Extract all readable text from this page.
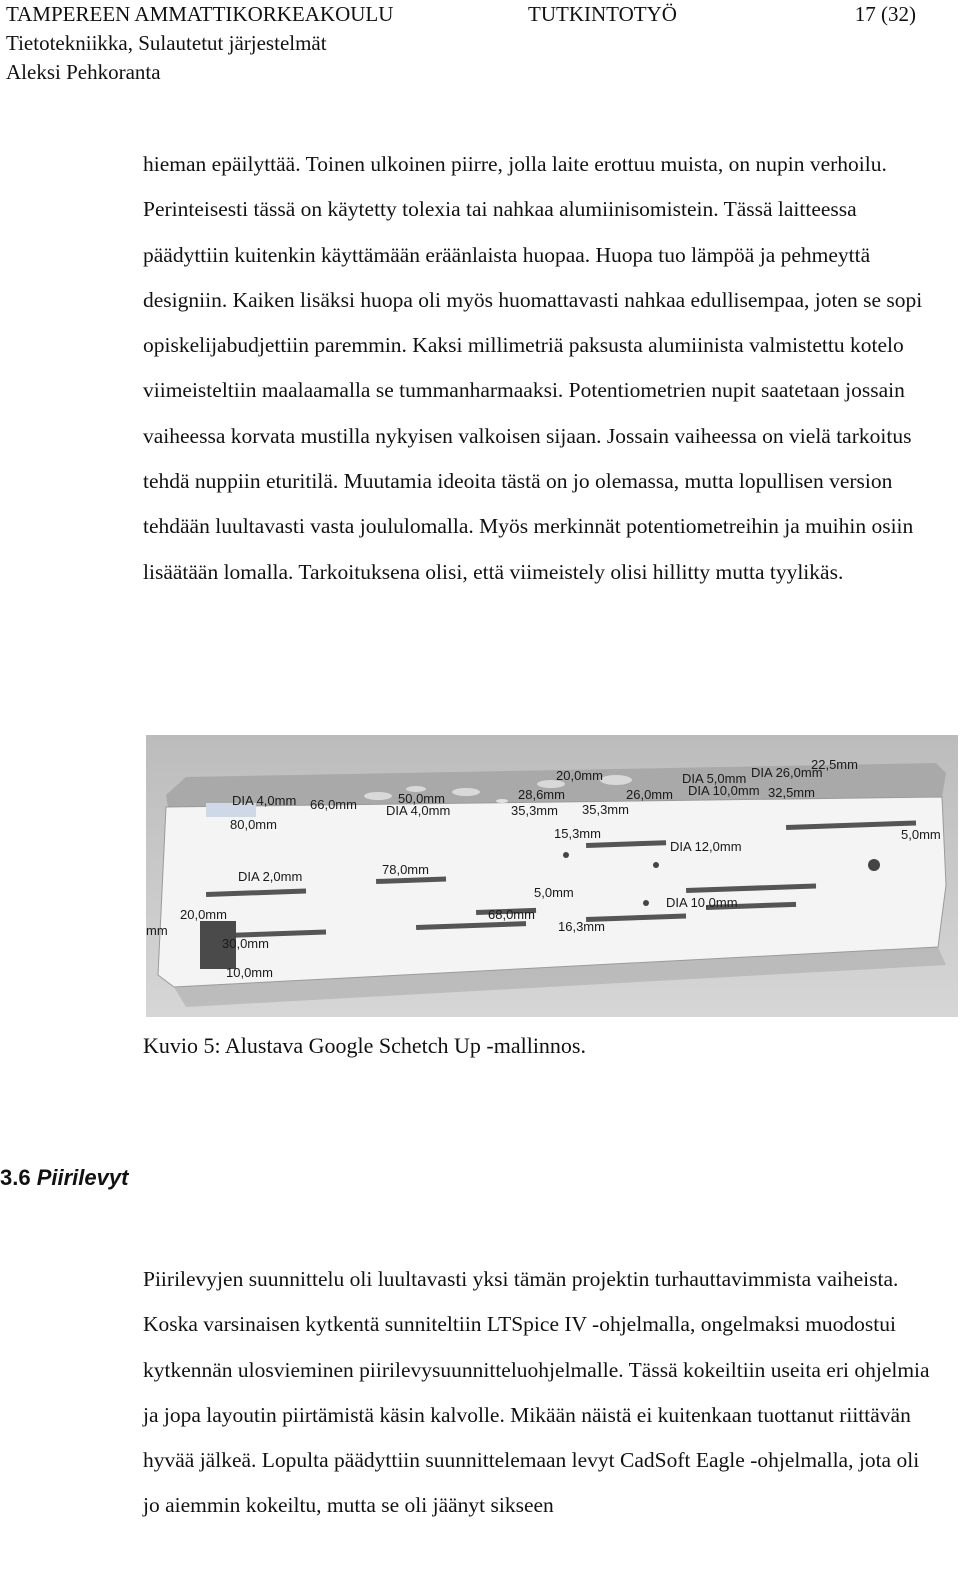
TAMPEREEN AMMATTIKORKEAKOULU	TUTKINTOTYÖ	17 (32)
Tietotekniikka, Sulautetut järjestelmät
Aleksi Pehkoranta

hieman epäilyttää. Toinen ulkoinen piirre, jolla laite erottuu muista, on nupin verhoilu. Perinteisesti tässä on käytetty tolexia tai nahkaa alumiinisomistein. Tässä laitteessa päädyttiin kuitenkin käyttämään eräänlaista huopaa. Huopa tuo lämpöä ja pehmeyttä designiin. Kaiken lisäksi huopa oli myös huomattavasti nahkaa edullisempaa, joten se sopi opiskelijabudjettiin paremmin. Kaksi millimetriä paksusta alumiinista valmistettu kotelo viimeisteltiin maalaamalla se tummanharmaaksi. Potentiometrien nupit saatetaan jossain vaiheessa korvata mustilla nykyisen valkoisen sijaan. Jossain vaiheessa on vielä tarkoitus tehdä nuppiin eturitilä. Muutamia ideoita tästä on jo olemassa, mutta lopullisen version tehdään luultavasti vasta joululomalla. Myös merkinnät potentiometreihin ja muihin osiin lisäätään lomalla. Tarkoituksena olisi, että viimeistely olisi hillitty mutta tyylikäs.

DIA 4,0mm 66,0mm
80,0mm
50,0mm
DIA 4,0mm
20,0mm
28,6mm	26,0mm
DIA 5,0mm DIA 26,0mm
22,5mm
DIA 10,0mm 32,5mm
35,3mm 35,3mm
15,3mm
DIA 12,0mm
5,0mm
DIA 2,0mm	78,0mm
5,0mm
68,0mm
DIA 10,0mm
16,3mm
20,0mm
30,0mm
10,0mm
mm
Kuvio 5: Alustava Google Schetch Up -mallinnos.
3.6 Piirilevyt

Piirilevyjen suunnittelu oli luultavasti yksi tämän projektin turhauttavimmista vaiheista. Koska varsinaisen kytkentä sunniteltiin LTSpice IV -ohjelmalla, ongelmaksi muodostui kytkennän ulosvieminen piirilevysuunnitteluohjelmalle. Tässä kokeiltiin useita eri ohjelmia ja jopa layoutin piirtämistä käsin kalvolle. Mikään näistä ei kuitenkaan tuottanut riittävän hyvää jälkeä. Lopulta päädyttiin suunnittelemaan levyt CadSoft Eagle -ohjelmalla, jota oli jo aiemmin kokeiltu, mutta se oli jäänyt sikseen
